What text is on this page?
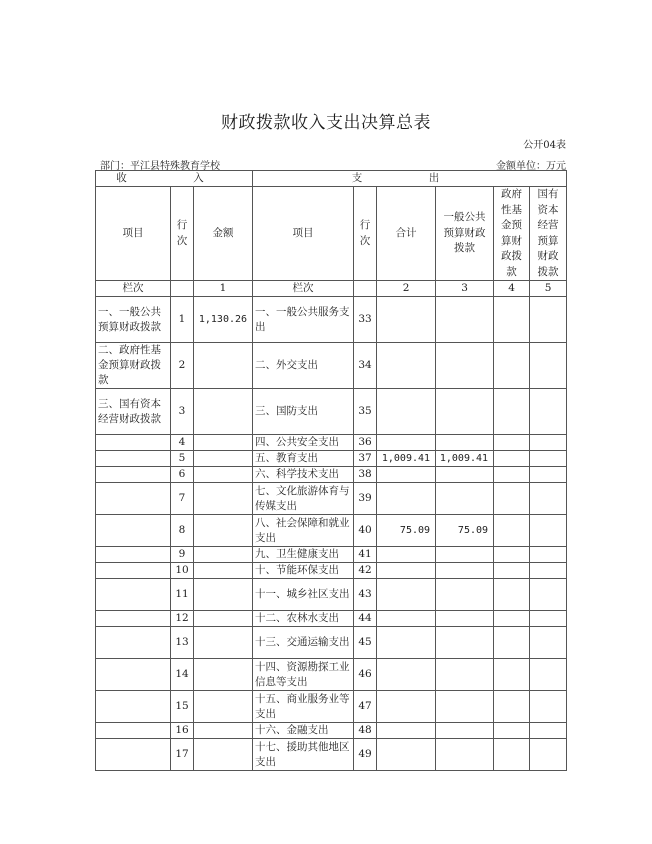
财政拨款收入支出决算总表
公开04表
部门：平江县特殊教育学校	金额单位：万元
收　入			支　出					
项目	行次	金额	项目	行次	合计	一般公共预算财政拨款	政府性基金预算财政拨款	国有资本经营预算财政拨款
栏次		1	栏次		2	3	4	5
一、一般公共预算财政拨款	1	1,130.26	一、一般公共服务支出	33				
二、政府性基金预算财政拨款	2		二、外交支出	34				
三、国有资本经营财政拨款	3		三、国防支出	35				
	4		四、公共安全支出	36				
	5		五、教育支出	37	1,009.41	1,009.41		
	6		六、科学技术支出	38				
	7		七、文化旅游体育与传媒支出	39				
	8		八、社会保障和就业支出	40	75.09	75.09		
	9		九、卫生健康支出	41				
	10		十、节能环保支出	42				
	11		十一、城乡社区支出	43				
	12		十二、农林水支出	44				
	13		十三、交通运输支出	45				
	14		十四、资源勘探工业信息等支出	46				
	15		十五、商业服务业等支出	47				
	16		十六、金融支出	48				
	17		十七、援助其他地区支出	49				
